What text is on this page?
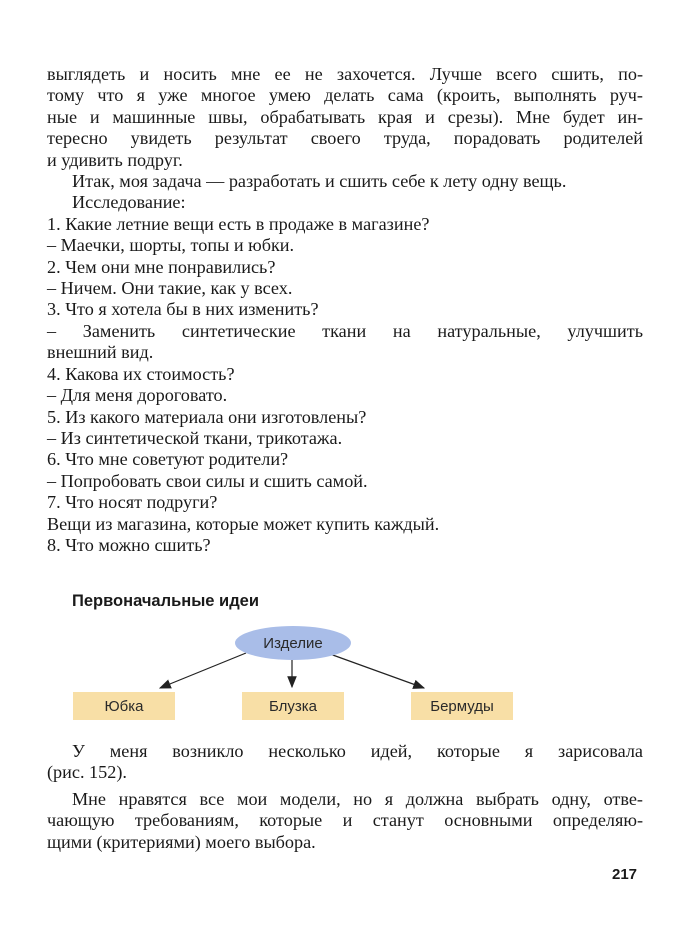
выглядеть и носить мне ее не захочется. Лучше всего сшить, по-
тому что я уже многое умею делать сама (кроить, выполнять руч-
ные и машинные швы, обрабатывать края и срезы). Мне будет ин-
тересно увидеть результат своего труда, порадовать родителей
и удивить подруг.
Итак, моя задача — разработать и сшить себе к лету одну вещь.
Исследование:
1. Какие летние вещи есть в продаже в магазине?
– Маечки, шорты, топы и юбки.
2. Чем они мне понравились?
– Ничем. Они такие, как у всех.
3. Что я хотела бы в них изменить?
– Заменить синтетические ткани на натуральные, улучшить
внешний вид.
4. Какова их стоимость?
– Для меня дороговато.
5. Из какого материала они изготовлены?
– Из синтетической ткани, трикотажа.
6. Что мне советуют родители?
– Попробовать свои силы и сшить самой.
7. Что носят подруги?
Вещи из магазина, которые может купить каждый.
8. Что можно сшить?
Первоначальные идеи
Изделие
Юбка	Блузка	Бермуды
У меня возникло несколько идей, которые я зарисовала
(рис. 152).
Мне нравятся все мои модели, но я должна выбрать одну, отве-
чающую требованиям, которые и станут основными определяю-
щими (критериями) моего выбора.
217
